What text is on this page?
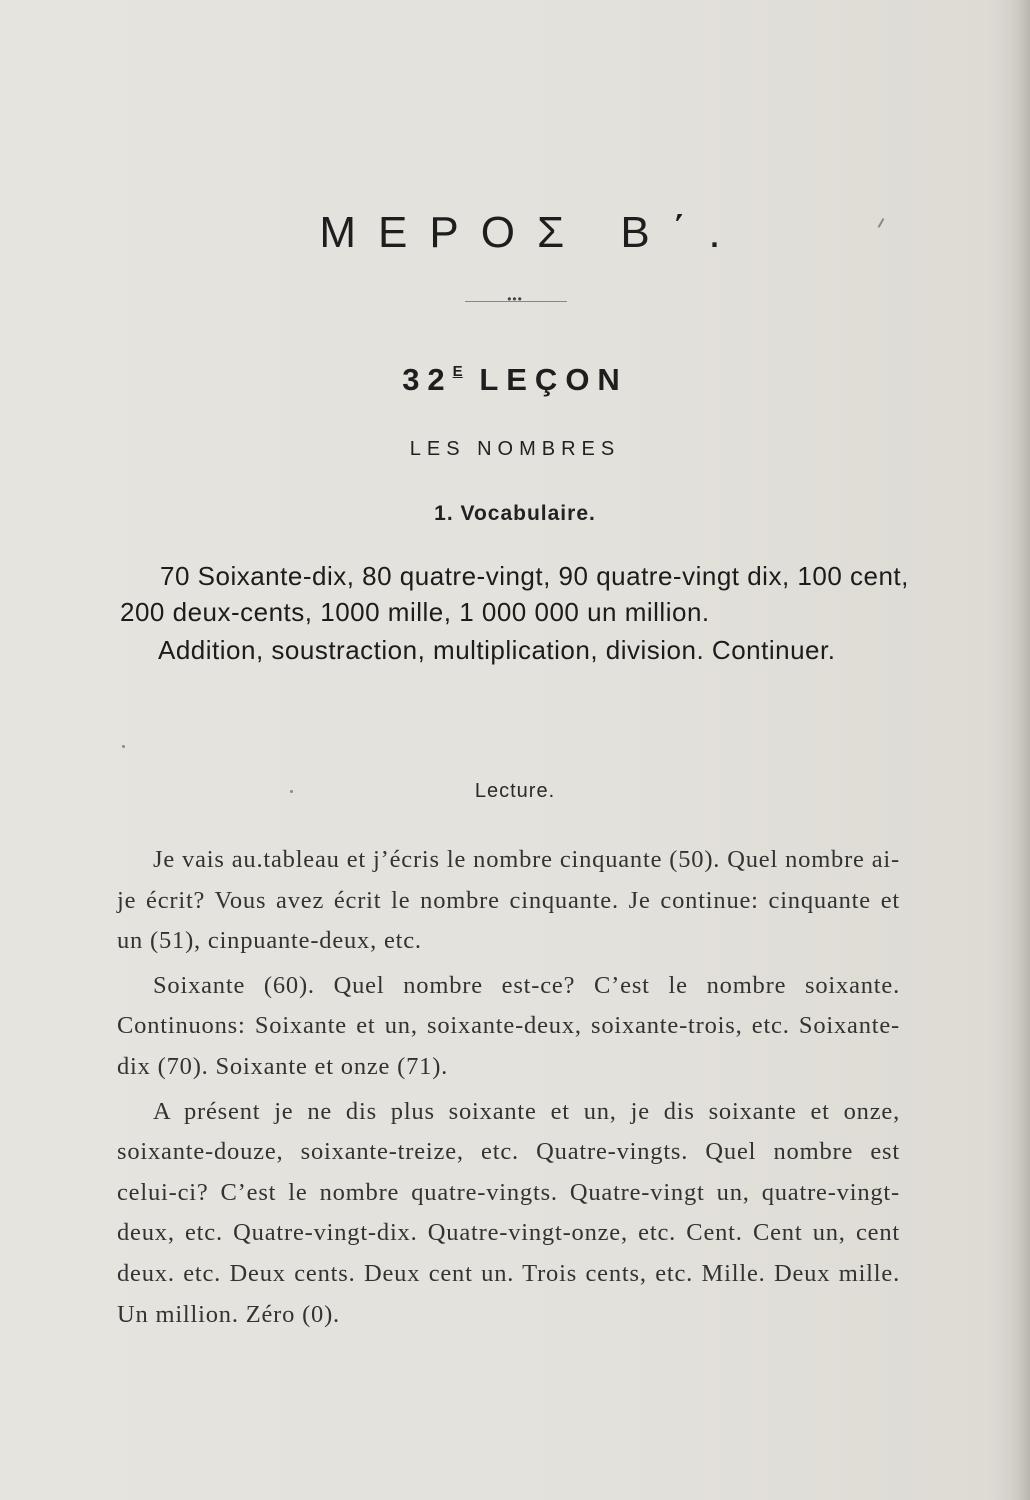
ΜΕΡΟΣ Β΄.
•••
$32^E$ LEÇON
LES NOMBRES
1. Vocabulaire.

70 Soixante-dix, 80 quatre-vingt, 90 quatre-vingt dix, 100 cent, 200 deux-cents, 1000 mille, 1 000 000 un million.

Addition, soustraction, multiplication, division. Continuer.

Lecture.

Je vais au.tableau et j’écris le nombre cinquante (50). Quel nombre ai-je écrit? Vous avez écrit le nombre cinquante. Je continue: cinquante et un (51), cinpuante-deux, etc.

Soixante (60). Quel nombre est-ce? C’est le nombre soixante. Continuons: Soixante et un, soixante-deux, soixante-trois, etc. Soixante-dix (70). Soixante et onze (71).

A présent je ne dis plus soixante et un, je dis soixante et onze, soixante-douze, soixante-treize, etc. Quatre-vingts. Quel nombre est celui-ci? C’est le nombre quatre-vingts. Quatre-vingt un, quatre-vingt-deux, etc. Quatre-vingt-dix. Quatre-vingt-onze, etc. Cent. Cent un, cent deux. etc. Deux cents. Deux cent un. Trois cents, etc. Mille. Deux mille. Un million. Zéro (0).
